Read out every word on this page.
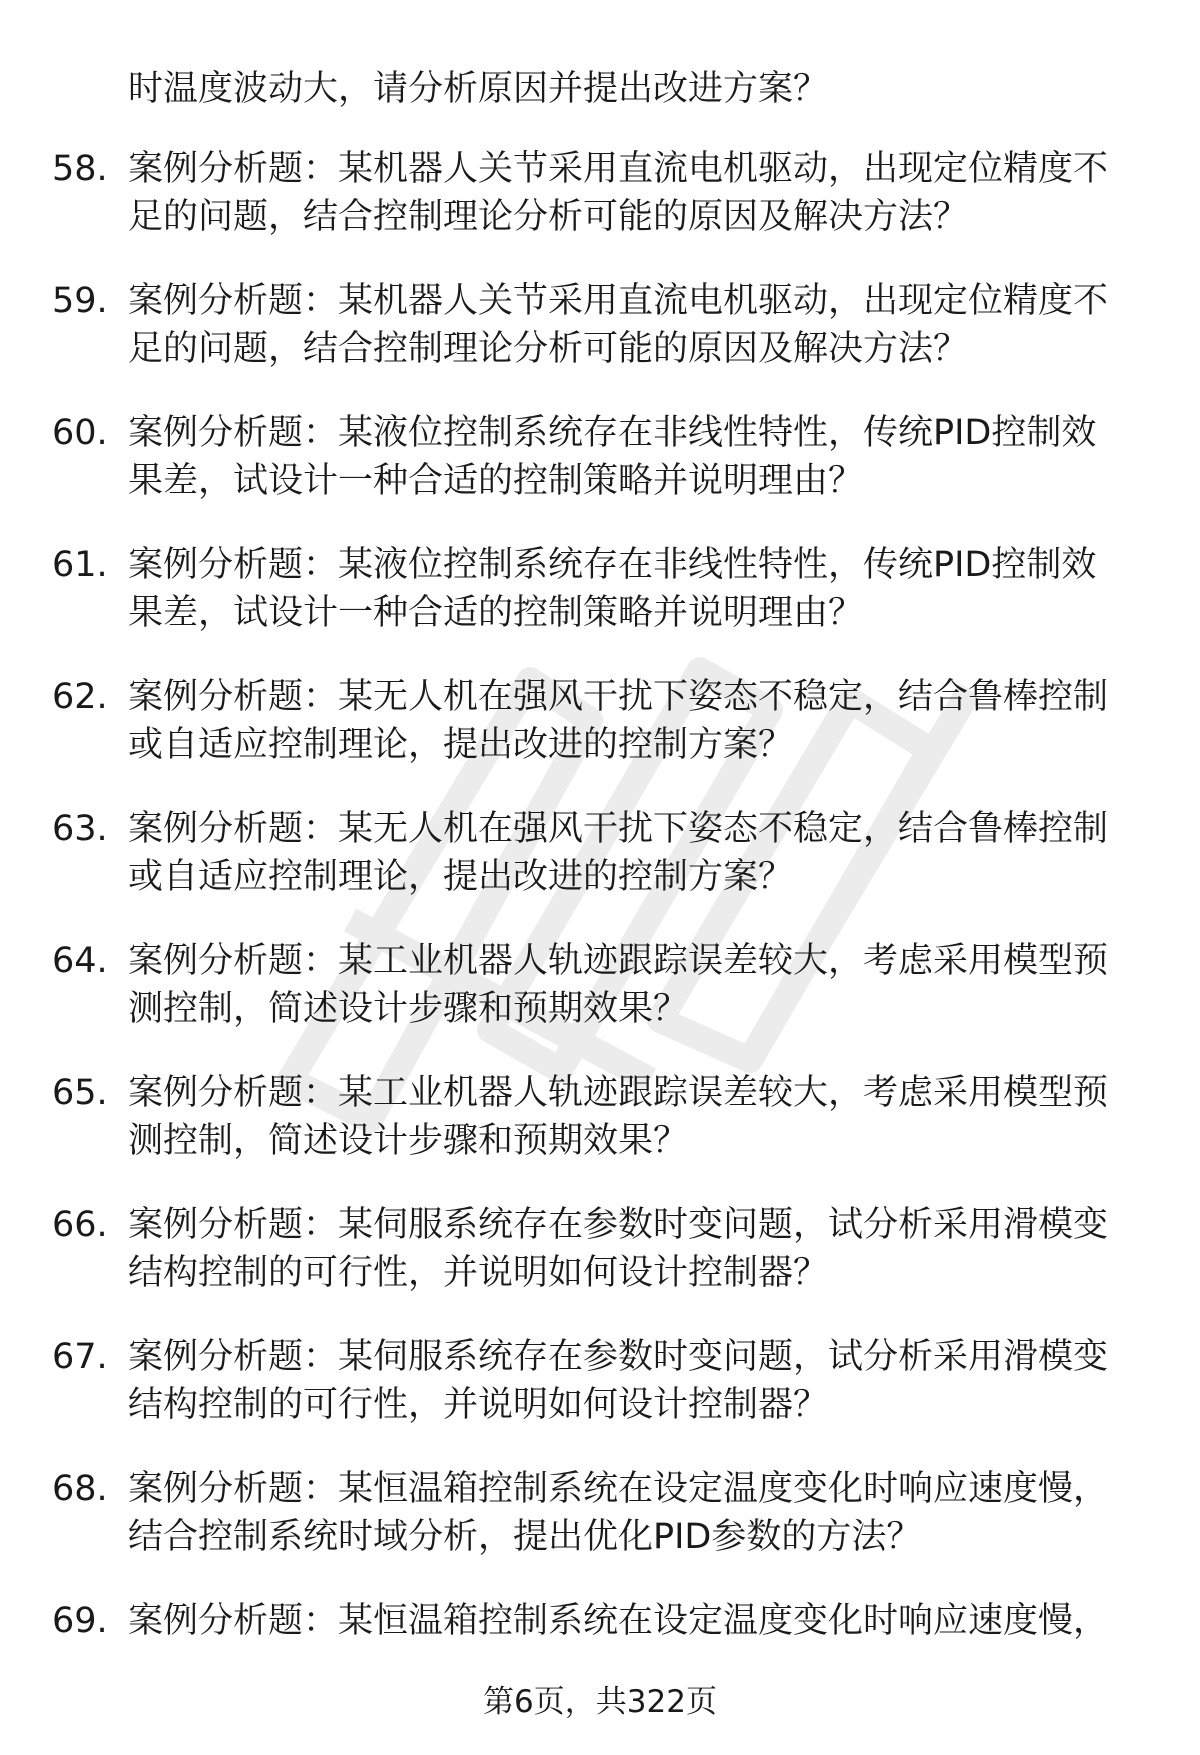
时温度波动大，请分析原因并提出改进方案？
58. 案例分析题：某机器人关节采用直流电机驱动，出现定位精度不
足的问题，结合控制理论分析可能的原因及解决方法？
59. 案例分析题：某机器人关节采用直流电机驱动，出现定位精度不
足的问题，结合控制理论分析可能的原因及解决方法？
60. 案例分析题：某液位控制系统存在非线性特性，传统PID控制效
果差，试设计一种合适的控制策略并说明理由？
61. 案例分析题：某液位控制系统存在非线性特性，传统PID控制效
果差，试设计一种合适的控制策略并说明理由？
62. 案例分析题：某无人机在强风干扰下姿态不稳定，结合鲁棒控制
或自适应控制理论，提出改进的控制方案？
63. 案例分析题：某无人机在强风干扰下姿态不稳定，结合鲁棒控制
或自适应控制理论，提出改进的控制方案？
64. 案例分析题：某工业机器人轨迹跟踪误差较大，考虑采用模型预
测控制，简述设计步骤和预期效果？
65. 案例分析题：某工业机器人轨迹跟踪误差较大，考虑采用模型预
测控制，简述设计步骤和预期效果？
66. 案例分析题：某伺服系统存在参数时变问题，试分析采用滑模变
结构控制的可行性，并说明如何设计控制器？
67. 案例分析题：某伺服系统存在参数时变问题，试分析采用滑模变
结构控制的可行性，并说明如何设计控制器？
68. 案例分析题：某恒温箱控制系统在设定温度变化时响应速度慢，
结合控制系统时域分析，提出优化PID参数的方法？
69. 案例分析题：某恒温箱控制系统在设定温度变化时响应速度慢，
第6页，共322页
